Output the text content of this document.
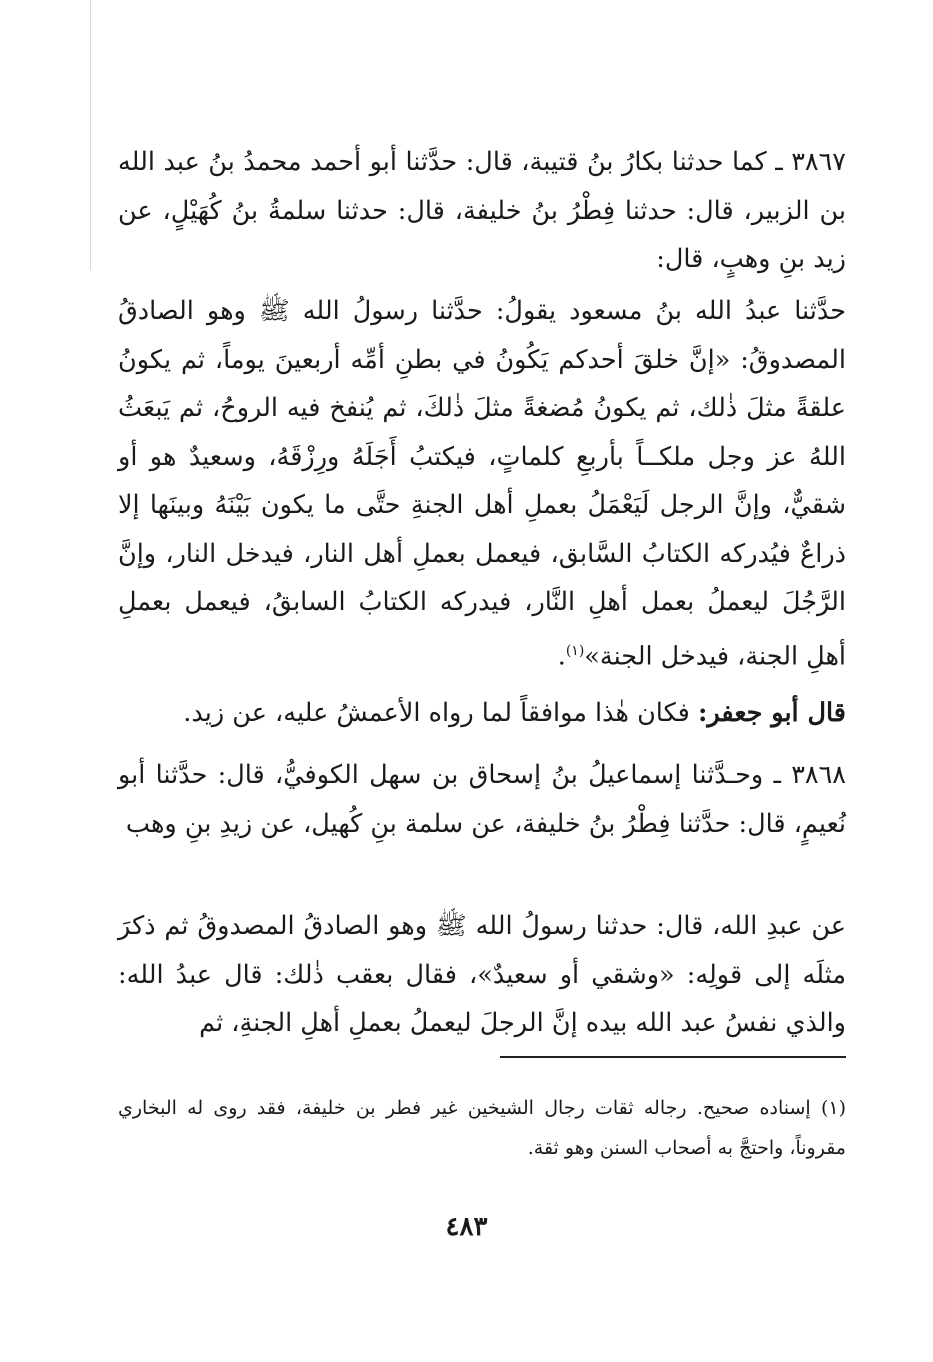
٣٨٦٧ ـ كما حدثنا بكارُ بنُ قتيبة، قال: حدَّثنا أبو أحمد محمدُ بنُ عبد الله بن الزبير، قال: حدثنا فِطْرُ بنُ خليفة، قال: حدثنا سلمةُ بنُ كُهَيْلٍ، عن زيد بنِ وهبٍ، قال:

حدَّثنا عبدُ الله بنُ مسعود يقولُ: حدَّثنا رسولُ الله ﷺ وهو الصادقُ المصدوقُ: «إنَّ خلقَ أحدكم يَكُونُ في بطنِ أمِّه أربعينَ يوماً، ثم يكونُ علقةً مثلَ ذٰلك، ثم يكونُ مُضغةً مثلَ ذٰلكَ، ثم يُنفخ فيه الروحُ، ثم يَبعَثُ اللهُ عز وجل ملكــاً بأربعِ كلماتٍ، فيكتبُ أَجَلَهُ ورِزْقَهُ، وسعيدٌ هو أو شقيٌّ، وإنَّ الرجل لَيَعْمَلُ بعملِ أهل الجنةِ حتَّى ما يكون بَيْنَهُ وبينَها إلا ذراعٌ فيُدركه الكتابُ السَّابق، فيعمل بعملِ أهل النار، فيدخل النار، وإنَّ الرَّجُلَ ليعملُ بعمل أهلِ النَّار، فيدركه الكتابُ السابقُ، فيعمل بعملِ أهلِ الجنة، فيدخل الجنة»$^{(١)}$.

قال أبو جعفر: فكان هٰذا موافقاً لما رواه الأعمشُ عليه، عن زيد.

٣٨٦٨ ـ وحـدَّثنا إسماعيلُ بنُ إسحاق بن سهل الكوفيُّ، قال: حدَّثنا أبو نُعيمٍ، قال: حدَّثنا فِطْرُ بنُ خليفة، عن سلمة بنِ كُهيل، عن زيدِ بنِ وهب

عن عبدِ الله، قال: حدثنا رسولُ الله ﷺ وهو الصادقُ المصدوقُ ثم ذكرَ مثلَه إلى قولِه: «وشقي أو سعيدٌ»، فقال بعقب ذٰلك: قال عبدُ الله: والذي نفسُ عبد الله بيده إنَّ الرجلَ ليعملُ بعملِ أهلِ الجنةِ، ثم

(١) إسناده صحيح. رجاله ثقات رجال الشيخين غير فطر بن خليفة، فقد روى له البخاري مقروناً، واحتجَّ به أصحاب السنن وهو ثقة.

٤٨٣
